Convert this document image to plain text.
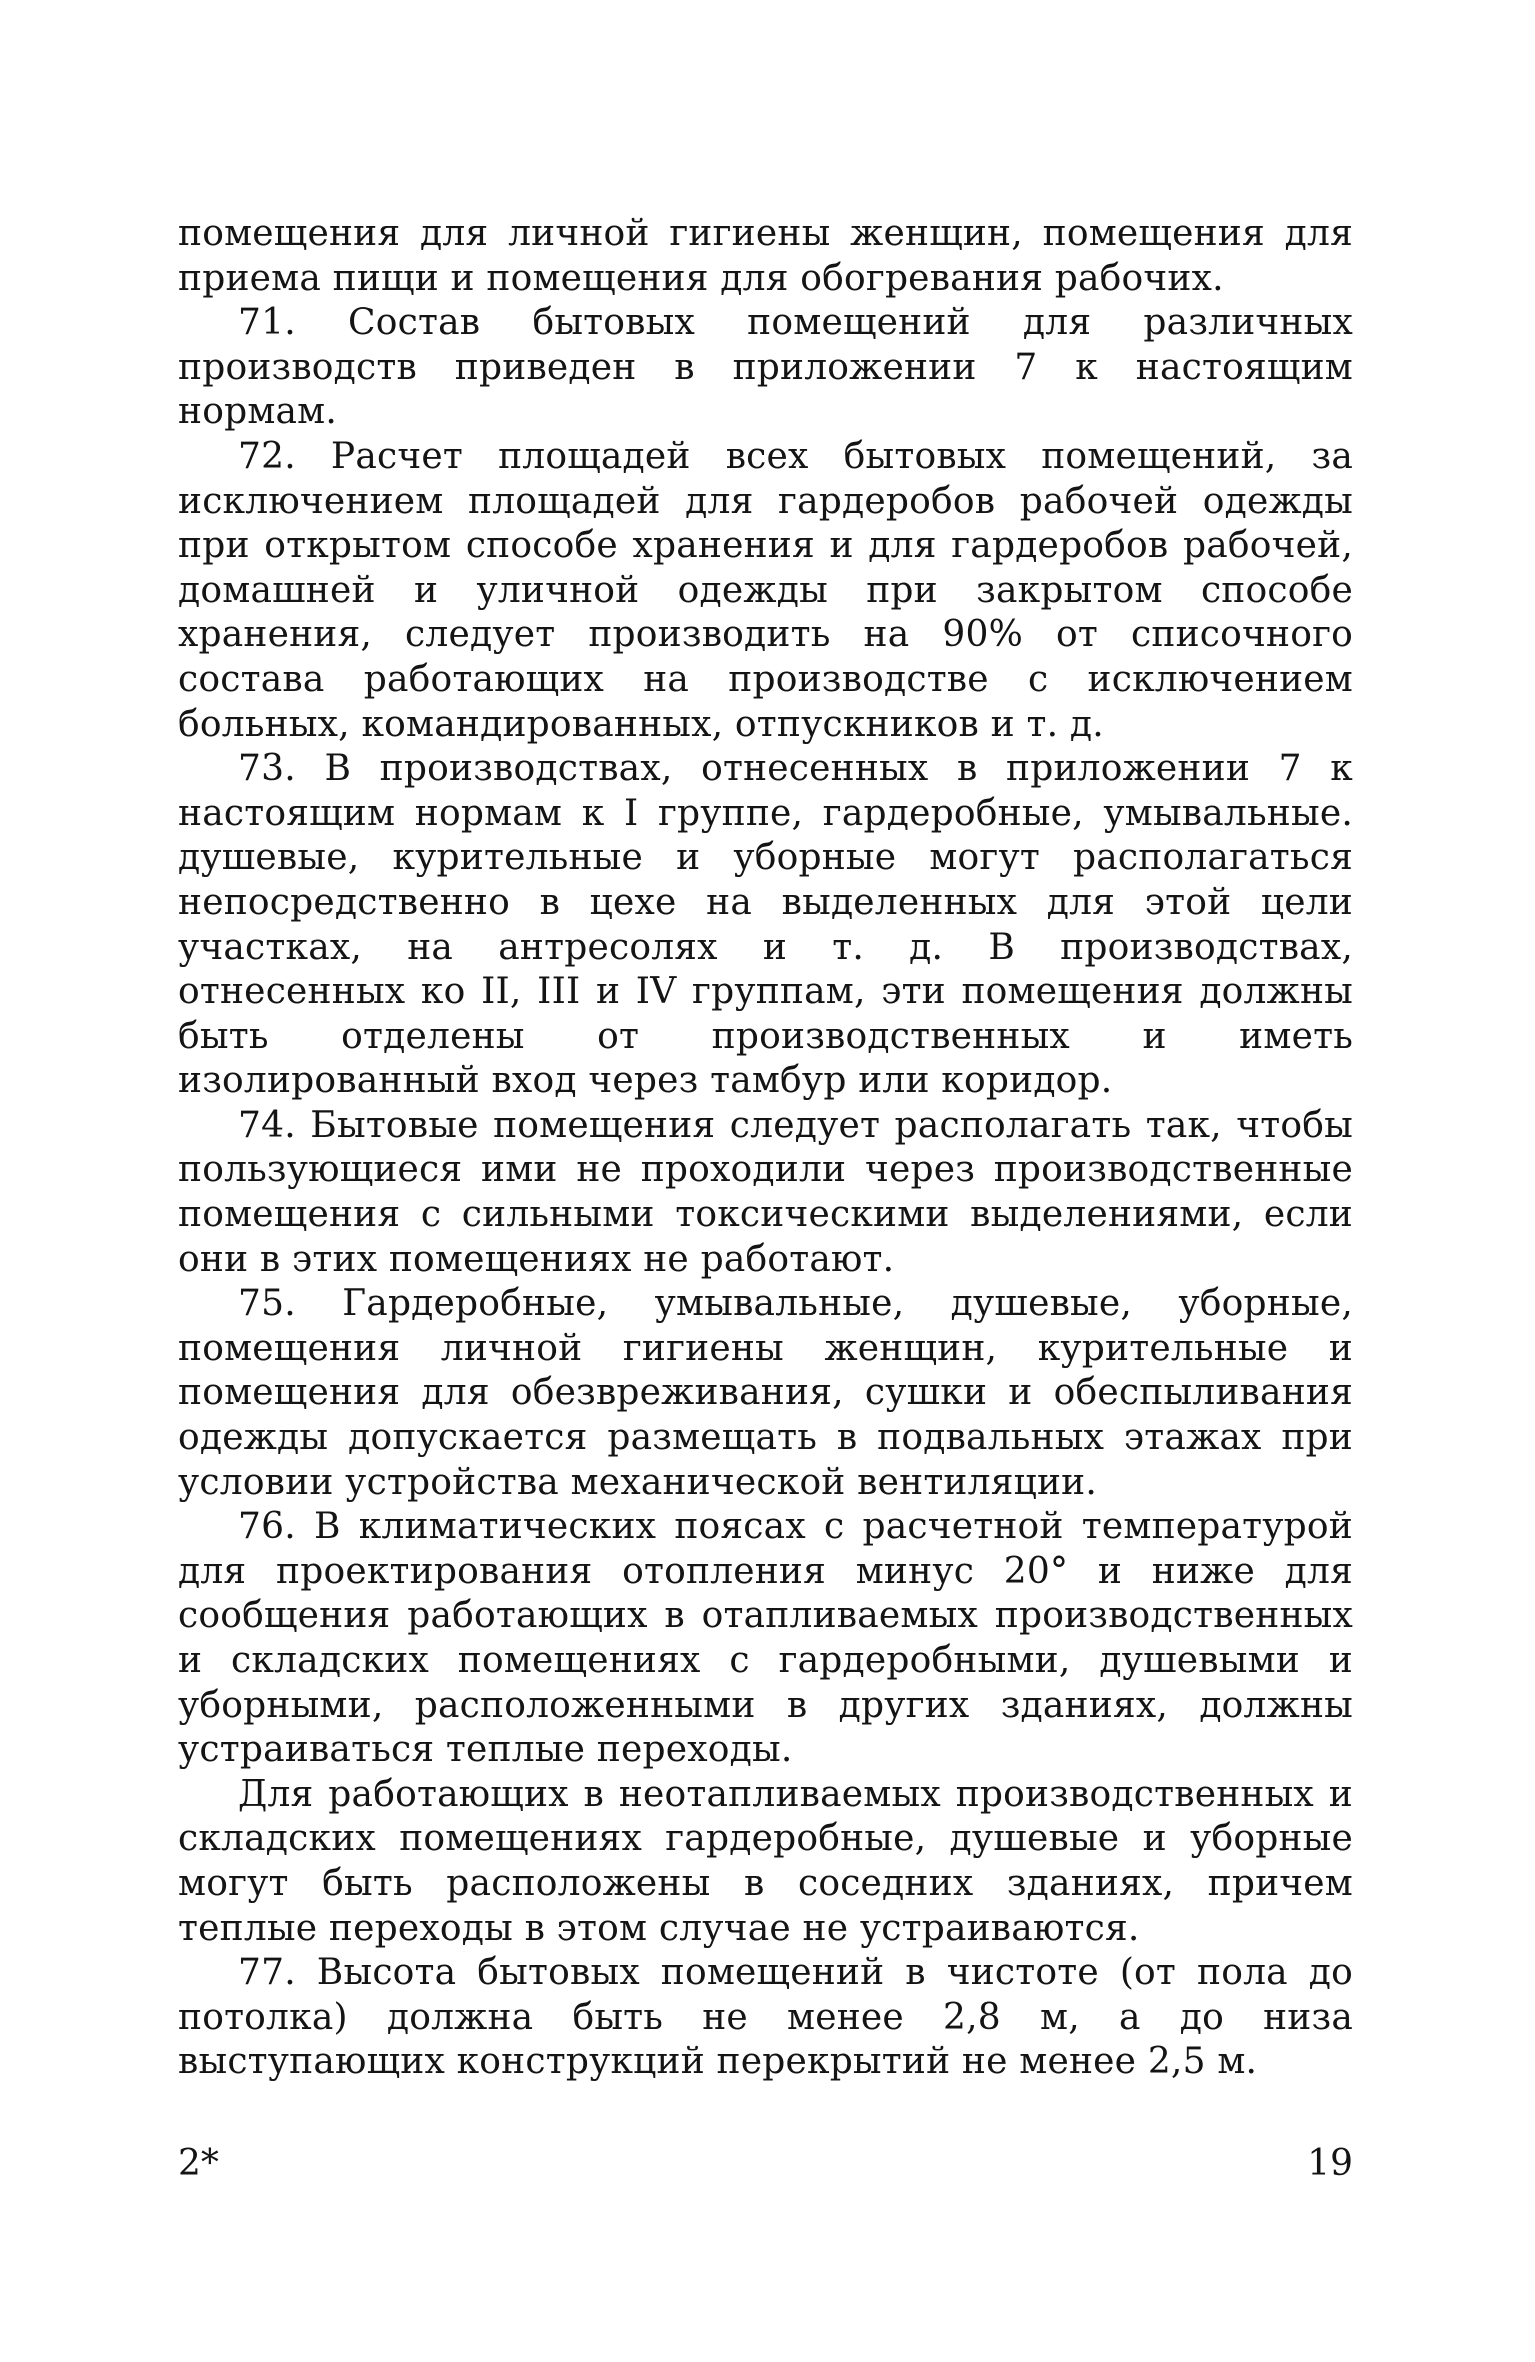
помещения для личной гигиены женщин, помещения для приема пищи и помещения для обогревания рабочих.

71. Состав бытовых помещений для различных производств приведен в приложении 7 к настоящим нормам.

72. Расчет площадей всех бытовых помещений, за исключением площадей для гардеробов рабочей одежды при открытом способе хранения и для гардеробов рабочей, домашней и уличной одежды при закрытом способе хранения, следует производить на 90% от списочного состава работающих на производстве с исключением больных, командированных, отпускников и т. д.

73. В производствах, отнесенных в приложении 7 к настоящим нормам к I группе, гардеробные, умывальные. душевые, курительные и уборные могут располагаться непосредственно в цехе на выделенных для этой цели участках, на антресолях и т. д. В производствах, отнесенных ко II, III и IV группам, эти помещения должны быть отделены от производственных и иметь изолированный вход через тамбур или коридор.

74. Бытовые помещения следует располагать так, чтобы пользующиеся ими не проходили через производственные помещения с сильными токсическими выделениями, если они в этих помещениях не работают.

75. Гардеробные, умывальные, душевые, уборные, помещения личной гигиены женщин, курительные и помещения для обезвреживания, сушки и обеспыливания одежды допускается размещать в подвальных этажах при условии устройства механической вентиляции.

76. В климатических поясах с расчетной температурой для проектирования отопления минус 20° и ниже для сообщения работающих в отапливаемых производственных и складских помещениях с гардеробными, душевыми и уборными, расположенными в других зданиях, должны устраиваться теплые переходы.

Для работающих в неотапливаемых производственных и складских помещениях гардеробные, душевые и уборные могут быть расположены в соседних зданиях, причем теплые переходы в этом случае не устраиваются.

77. Высота бытовых помещений в чистоте (от пола до потолка) должна быть не менее 2,8 м, а до низа выступающих конструкций перекрытий не менее 2,5 м.

2*	19
